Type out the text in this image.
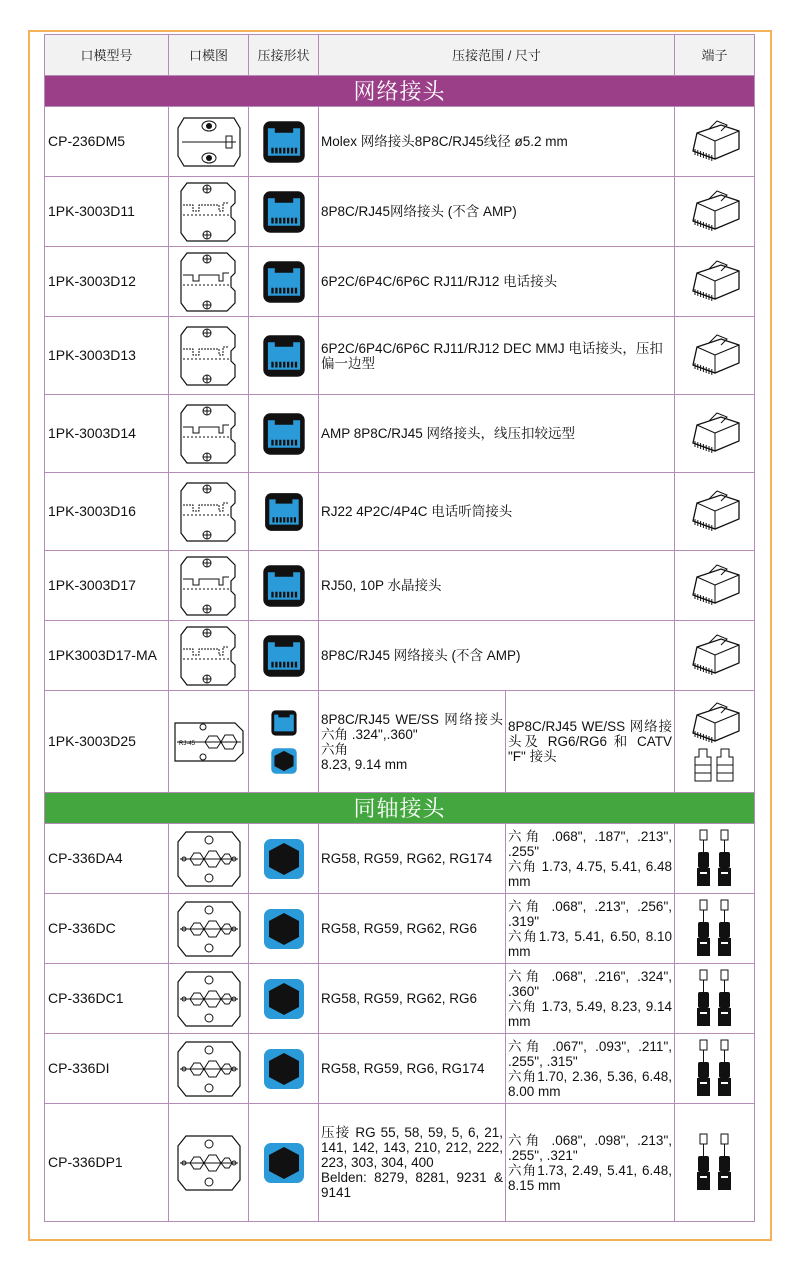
口模型号	口模图	压接形状	压接范围 / 尺寸		端子
网络接头					
CP-236DM5			Molex 网络接头8P8C/RJ45线径 ø5.2 mm	

1PK-3003D11			8P8C/RJ45网络接头 (不含 AMP)	

1PK-3003D12			6P2C/6P4C/6P6C RJ11/RJ12 电话接头	

1PK-3003D13			6P2C/6P4C/6P6C RJ11/RJ12 DEC MMJ 电话接头，压扣偏一边型	

1PK-3003D14			AMP 8P8C/RJ45 网络接头，线压扣较远型	

1PK-3003D16			RJ22 4P2C/4P4C 电话听筒接头	

1PK-3003D17			RJ50, 10P 水晶接头	

1PK3003D17-MA			8P8C/RJ45 网络接头 (不含 AMP)	

1PK-3003D25	RJ-45		8P8C/RJ45 WE/SS 网络接头六角 .324",.360"
六角
8.23, 9.14 mm	8P8C/RJ45 WE/SS 网络接头及 RG6/RG6 和 CATV "F" 接头	

同轴接头					
CP-336DA4			RG58, RG59, RG62, RG174	六角 .068", .187", .213", .255"
六角 1.73, 4.75, 5.41, 6.48 mm	

CP-336DC			RG58, RG59, RG62, RG6	六角 .068", .213", .256", .319"
六角1.73, 5.41, 6.50, 8.10 mm	

CP-336DC1			RG58, RG59, RG62, RG6	六角 .068", .216", .324", .360"
六角 1.73, 5.49, 8.23, 9.14 mm	

CP-336DI			RG58, RG59, RG6, RG174	六角 .067", .093", .211", .255", .315"
六角1.70, 2.36, 5.36, 6.48, 8.00 mm	

CP-336DP1			压接 RG 55, 58, 59, 5, 6, 21, 141, 142, 143, 210, 212, 222, 223, 303, 304, 400
Belden: 8279, 8281, 9231 & 9141	六角 .068", .098", .213", .255", .321"
六角1.73, 2.49, 5.41, 6.48, 8.15 mm	
